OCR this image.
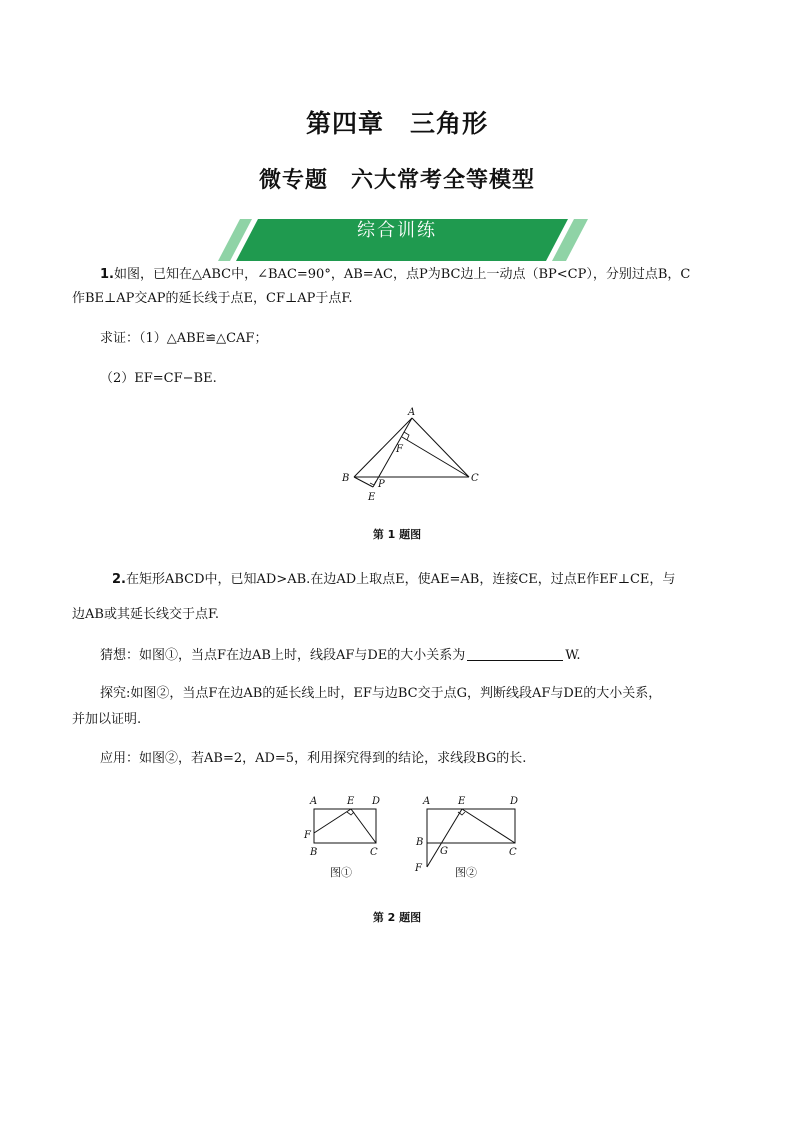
第四章　三角形
微专题　六大常考全等模型
综合训练
1.如图，已知在△ABC中，∠BAC=90°，AB=AC，点P为BC边上一动点（BP<CP），分别过点B，C
作BE⊥AP交AP的延长线于点E，CF⊥AP于点F.
求证：（1）△ABE≌△CAF；
（2）EF=CF−BE.
A
F
B
P
E
C
第 1 题图
2.在矩形ABCD中，已知AD>AB.在边AD上取点E，使AE=AB，连接CE，过点E作EF⊥CE，与
边AB或其延长线交于点F.
猜想：如图①，当点F在边AB上时，线段AF与DE的大小关系为	W.
探究:如图②，当点F在边AB的延长线上时，EF与边BC交于点G，判断线段AF与DE的大小关系，
并加以证明.
应用：如图②，若AB=2，AD=5，利用探究得到的结论，求线段BG的长.
A	E D
F
B	C
图①
A	E	D
B
G	C
F	图②
第 2 题图
